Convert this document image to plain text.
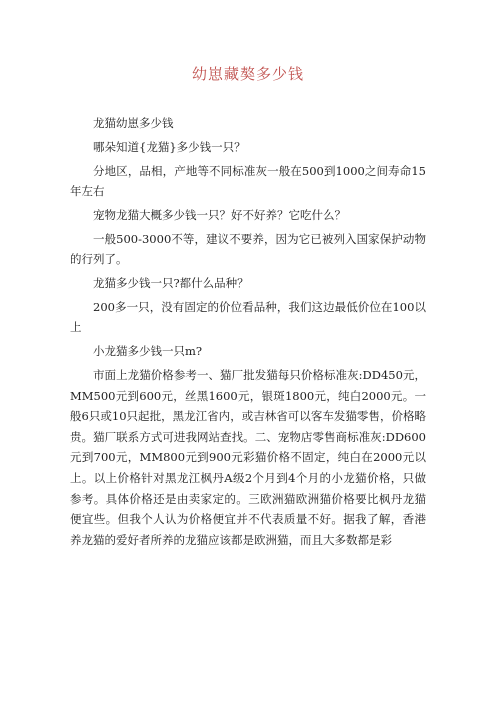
幼崽藏獒多少钱

龙猫幼崽多少钱

哪朵知道{龙猫}多少钱一只？

分地区，品相，产地等不同标准灰一般在500到1000之间寿命15年左右

宠物龙猫大概多少钱一只？好不好养？它吃什么？

一般500-3000不等，建议不要养，因为它已被列入国家保护动物的行列了。

龙猫多少钱一只?都什么品种？

200多一只，没有固定的价位看品种，我们这边最低价位在100以上

小龙猫多少钱一只m?

市面上龙猫价格参考一、猫厂批发猫每只价格标准灰:DD450元，MM500元到600元，丝黑1600元，银斑1800元，纯白2000元。一般6只或10只起批，黑龙江省内，或吉林省可以客车发猫零售，价格略贵。猫厂联系方式可进我网站查找。二、宠物店零售商标准灰:DD600元到700元，MM800元到900元彩猫价格不固定，纯白在2000元以上。以上价格针对黑龙江枫丹A级2个月到4个月的小龙猫价格，只做参考。具体价格还是由卖家定的。三欧洲猫欧洲猫价格要比枫丹龙猫便宜些。但我个人认为价格便宜并不代表质量不好。据我了解，香港养龙猫的爱好者所养的龙猫应该都是欧洲猫，而且大多数都是彩
